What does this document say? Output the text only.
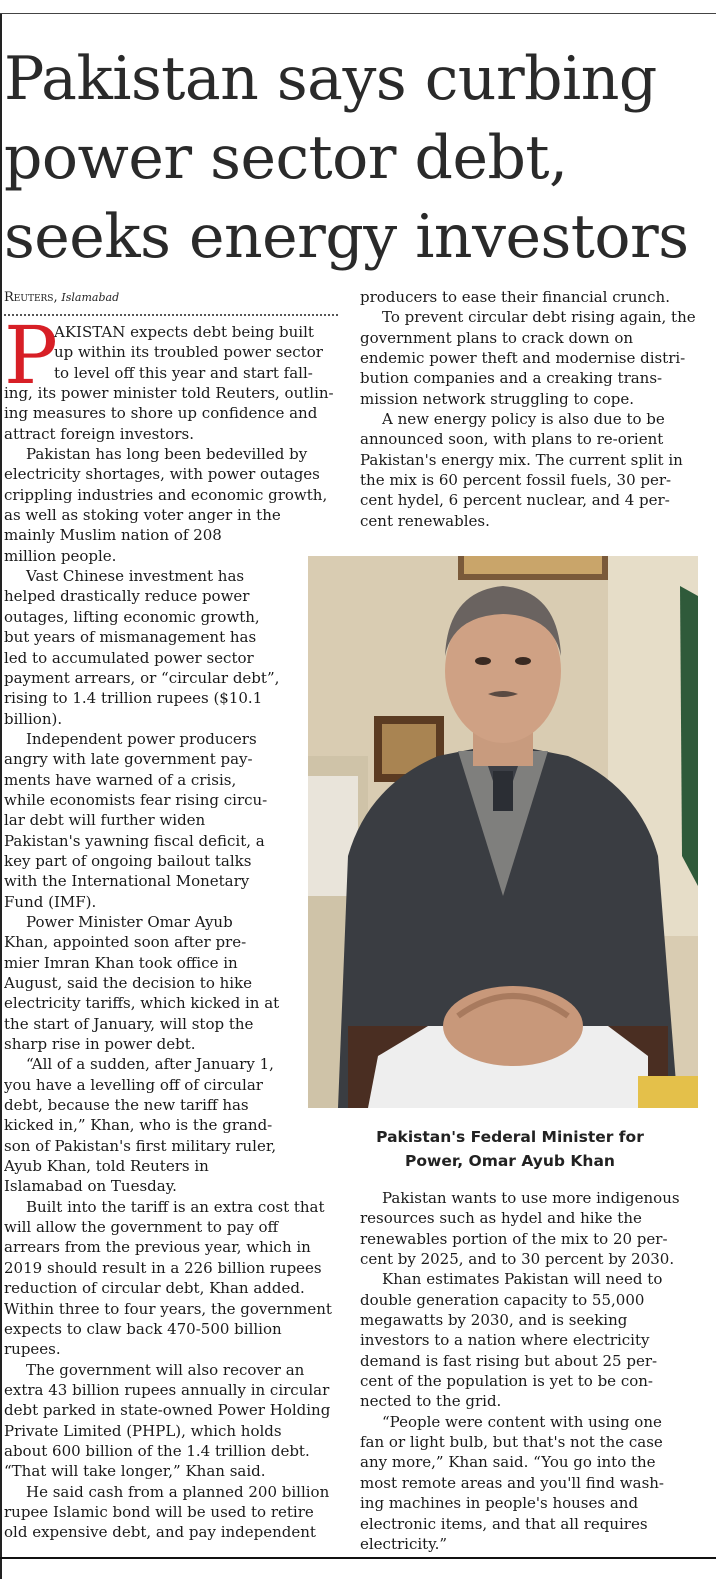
Pakistan says curbing
power sector debt,
seeks energy investors
Reuters, Islamabad
P
AKISTAN expects debt being built
up within its troubled power sector
to level off this year and start fall-
ing, its power minister told Reuters, outlin-
ing measures to shore up confidence and
attract foreign investors.
Pakistan has long been bedevilled by
electricity shortages, with power outages
crippling industries and economic growth,
as well as stoking voter anger in the
mainly Muslim nation of 208
million people.
Vast Chinese investment has
helped drastically reduce power
outages, lifting economic growth,
but years of mismanagement has
led to accumulated power sector
payment arrears, or “circular debt”,
rising to 1.4 trillion rupees ($10.1
billion).
Independent power producers
angry with late government pay-
ments have warned of a crisis,
while economists fear rising circu-
lar debt will further widen
Pakistan's yawning fiscal deficit, a
key part of ongoing bailout talks
with the International Monetary
Fund (IMF).
Power Minister Omar Ayub
Khan, appointed soon after pre-
mier Imran Khan took office in
August, said the decision to hike
electricity tariffs, which kicked in at
the start of January, will stop the
sharp rise in power debt.
“All of a sudden, after January 1,
you have a levelling off of circular
debt, because the new tariff has
kicked in,” Khan, who is the grand-
son of Pakistan's first military ruler,
Ayub Khan, told Reuters in
Islamabad on Tuesday.
Built into the tariff is an extra cost that
will allow the government to pay off
arrears from the previous year, which in
2019 should result in a 226 billion rupees
reduction of circular debt, Khan added.
Within three to four years, the government
expects to claw back 470-500 billion
rupees.
The government will also recover an
extra 43 billion rupees annually in circular
debt parked in state-owned Power Holding
Private Limited (PHPL), which holds
about 600 billion of the 1.4 trillion debt.
“That will take longer,” Khan said.
He said cash from a planned 200 billion
rupee Islamic bond will be used to retire
old expensive debt, and pay independent
producers to ease their financial crunch.
To prevent circular debt rising again, the
government plans to crack down on
endemic power theft and modernise distri-
bution companies and a creaking trans-
mission network struggling to cope.
A new energy policy is also due to be
announced soon, with plans to re-orient
Pakistan's energy mix. The current split in
the mix is 60 percent fossil fuels, 30 per-
cent hydel, 6 percent nuclear, and 4 per-
cent renewables.
Pakistan's Federal Minister for
Power, Omar Ayub Khan
Pakistan wants to use more indigenous
resources such as hydel and hike the
renewables portion of the mix to 20 per-
cent by 2025, and to 30 percent by 2030.
Khan estimates Pakistan will need to
double generation capacity to 55,000
megawatts by 2030, and is seeking
investors to a nation where electricity
demand is fast rising but about 25 per-
cent of the population is yet to be con-
nected to the grid.
“People were content with using one
fan or light bulb, but that's not the case
any more,” Khan said. “You go into the
most remote areas and you'll find wash-
ing machines in people's houses and
electronic items, and that all requires
electricity.”
